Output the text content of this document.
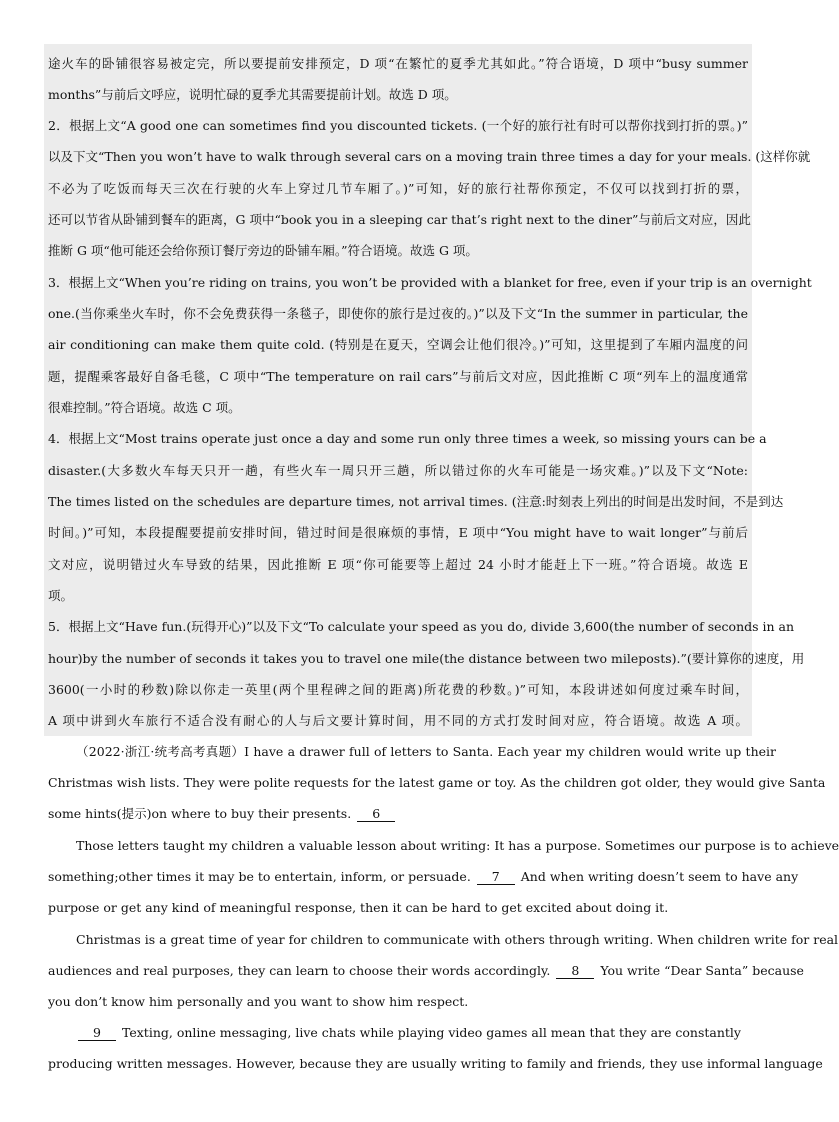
途火车的卧铺很容易被定完，所以要提前安排预定，D 项“在繁忙的夏季尤其如此。”符合语境，D 项中“busy summer
months”与前后文呼应，说明忙碌的夏季尤其需要提前计划。故选 D 项。
2．根据上文“A good one can sometimes find you discounted tickets. (一个好的旅行社有时可以帮你找到打折的票。)”
以及下文“Then you won’t have to walk through several cars on a moving train three times a day for your meals. (这样你就
不必为了吃饭而每天三次在行驶的火车上穿过几节车厢了。)”可知，好的旅行社帮你预定，不仅可以找到打折的票，
还可以节省从卧铺到餐车的距离，G 项中“book you in a sleeping car that’s right next to the diner”与前后文对应，因此
推断 G 项“他可能还会给你预订餐厅旁边的卧铺车厢。”符合语境。故选 G 项。
3．根据上文“When you’re riding on trains, you won’t be provided with a blanket for free, even if your trip is an overnight
one.(当你乘坐火车时，你不会免费获得一条毯子，即使你的旅行是过夜的。)”以及下文“In the summer in particular, the
air conditioning can make them quite cold. (特别是在夏天，空调会让他们很冷。)”可知，这里提到了车厢内温度的问
题，提醒乘客最好自备毛毯，C 项中“The temperature on rail cars”与前后文对应，因此推断 C 项“列车上的温度通常
很难控制。”符合语境。故选 C 项。
4．根据上文“Most trains operate just once a day and some run only three times a week, so missing yours can be a
disaster.(大多数火车每天只开一趟，有些火车一周只开三趟，所以错过你的火车可能是一场灾难。)”以及下文“Note:
The times listed on the schedules are departure times, not arrival times. (注意:时刻表上列出的时间是出发时间，不是到达
时间。)”可知，本段提醒要提前安排时间，错过时间是很麻烦的事情，E 项中“You might have to wait longer”与前后
文对应，说明错过火车导致的结果，因此推断 E 项“你可能要等上超过 24 小时才能赶上下一班。”符合语境。故选 E
项。
5．根据上文“Have fun.(玩得开心)”以及下文“To calculate your speed as you do, divide 3,600(the number of seconds in an
hour)by the number of seconds it takes you to travel one mile(the distance between two mileposts).”(要计算你的速度，用
3600(一小时的秒数)除以你走一英里(两个里程碑之间的距离)所花费的秒数。)”可知，本段讲述如何度过乘车时间，
A 项中讲到火车旅行不适合没有耐心的人与后文要计算时间，用不同的方式打发时间对应，符合语境。故选 A 项。
（2022·浙江·统考高考真题）I have a drawer full of letters to Santa. Each year my children would write up their
Christmas wish lists. They were polite requests for the latest game or toy. As the children got older, they would give Santa
some hints(提示)on where to buy their presents. 6
Those letters taught my children a valuable lesson about writing: It has a purpose. Sometimes our purpose is to achieve
something;other times it may be to entertain, inform, or persuade. 7 And when writing doesn’t seem to have any
purpose or get any kind of meaningful response, then it can be hard to get excited about doing it.
Christmas is a great time of year for children to communicate with others through writing. When children write for real
audiences and real purposes, they can learn to choose their words accordingly. 8 You write “Dear Santa” because
you don’t know him personally and you want to show him respect.
9 Texting, online messaging, live chats while playing video games all mean that they are constantly
producing written messages. However, because they are usually writing to family and friends, they use informal language
